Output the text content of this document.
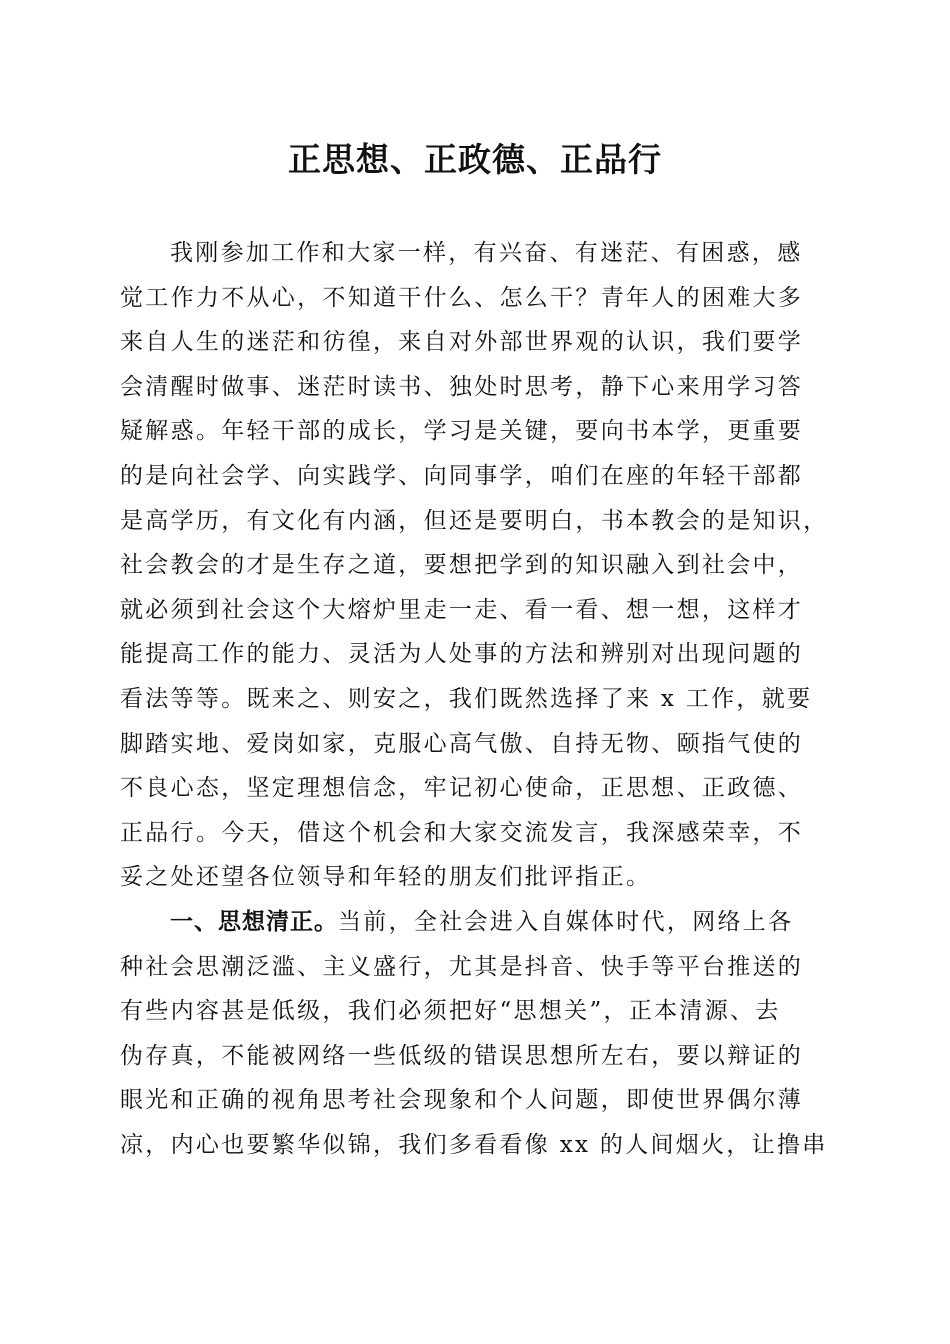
正思想、正政德、正品行
我刚参加工作和大家一样，有兴奋、有迷茫、有困惑，感
觉工作力不从心，不知道干什么、怎么干？青年人的困难大多
来自人生的迷茫和彷徨，来自对外部世界观的认识，我们要学
会清醒时做事、迷茫时读书、独处时思考，静下心来用学习答
疑解惑。年轻干部的成长，学习是关键，要向书本学，更重要
的是向社会学、向实践学、向同事学，咱们在座的年轻干部都
是高学历，有文化有内涵，但还是要明白，书本教会的是知识，
社会教会的才是生存之道，要想把学到的知识融入到社会中，
就必须到社会这个大熔炉里走一走、看一看、想一想，这样才
能提高工作的能力、灵活为人处事的方法和辨别对出现问题的
看法等等。既来之、则安之，我们既然选择了来 x 工作，就要
脚踏实地、爱岗如家，克服心高气傲、自持无物、颐指气使的
不良心态，坚定理想信念，牢记初心使命，正思想、正政德、
正品行。今天，借这个机会和大家交流发言，我深感荣幸，不
妥之处还望各位领导和年轻的朋友们批评指正。
一、思想清正。当前，全社会进入自媒体时代，网络上各
种社会思潮泛滥、主义盛行，尤其是抖音、快手等平台推送的
有些内容甚是低级，我们必须把好“思想关”，正本清源、去
伪存真，不能被网络一些低级的错误思想所左右，要以辩证的
眼光和正确的视角思考社会现象和个人问题，即使世界偶尔薄
凉，内心也要繁华似锦，我们多看看像 xx 的人间烟火，让撸串
